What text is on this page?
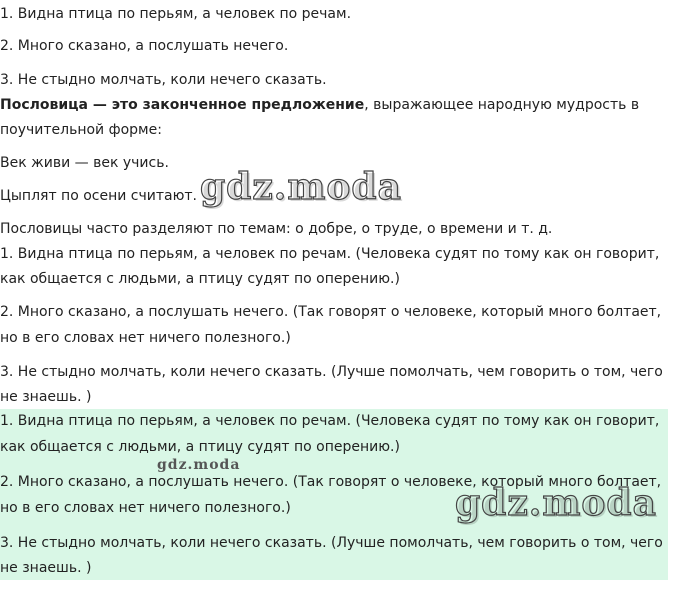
1. Видна птица по перьям, а человек по речам.
2. Много сказано, а послушать нечего.
3. Не стыдно молчать, коли нечего сказать.
Пословица — это законченное предложение, выражающее народную мудрость в
поучительной форме:
Век живи — век учись.
Цыплят по осени считают. gdz.moda
Пословицы часто разделяют по темам: о добре, о труде, о времени и т. д.
1. Видна птица по перьям, а человек по речам. (Человека судят по тому как он говорит,
как общается с людьми, а птицу судят по оперению.)
2. Много сказано, а послушать нечего. (Так говорят о человеке, который много болтает,
но в его словах нет ничего полезного.)
3. Не стыдно молчать, коли нечего сказать. (Лучше помолчать, чем говорить о том, чего
не знаешь. )
1. Видна птица по перьям, а человек по речам. (Человека судят по тому как он говорит,
как общается с людьми, а птицу судят по оперению.)
gdz.moda
2. Много сказано, а послушать нечего. (Так говорят о человеке, который много болтает,
но в его словах нет ничего полезного.)	gdz.moda
3. Не стыдно молчать, коли нечего сказать. (Лучше помолчать, чем говорить о том, чего
не знаешь. )
